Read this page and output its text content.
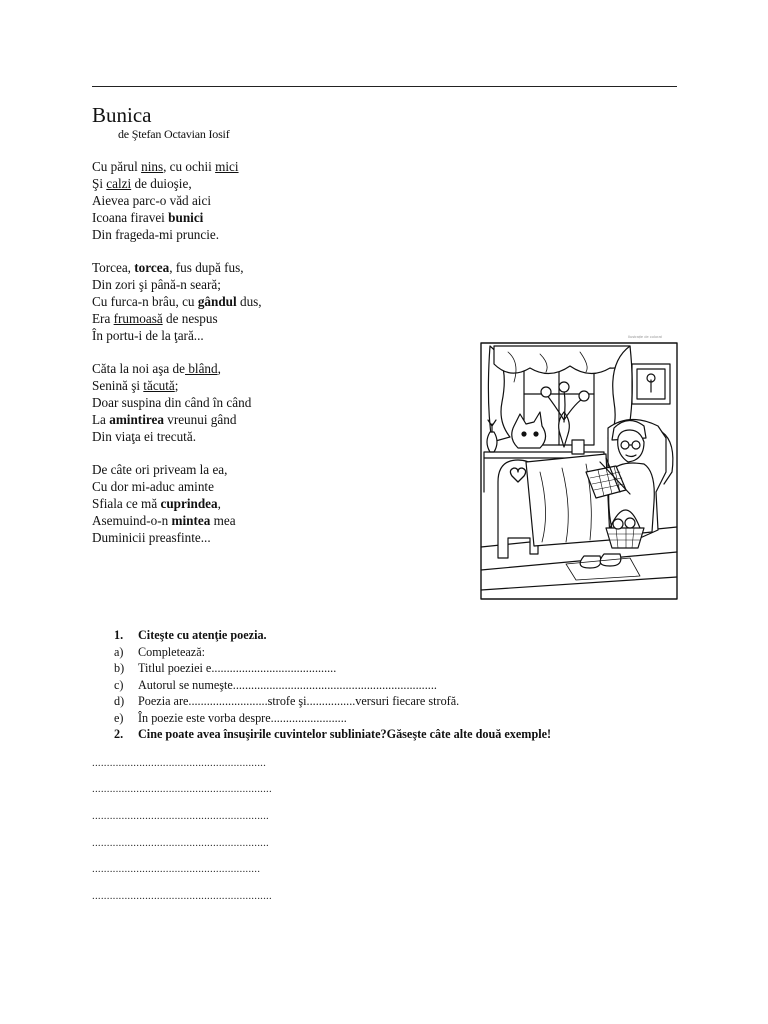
Bunica
de Ştefan Octavian Iosif
Cu părul nins, cu ochii mici
Şi calzi de duioşie,
Aievea parc-o văd aici
Icoana firavei bunici
Din frageda-mi pruncie.
Torcea, torcea, fus după fus,
Din zori şi până-n seară;
Cu furca-n brâu, cu gândul dus,
Era frumoasă de nespus
În portu-i de la ţară...
Căta la noi aşa de blând,
Senină şi tăcută;
Doar suspina din când în când
La amintirea vreunui gând
Din viaţa ei trecută.
De câte ori priveam la ea,
Cu dor mi-aduc aminte
Sfiala ce mă cuprindea,
Asemuind-o-n mintea mea
Duminicii preasfinte...
Ilustrație de colorat
1. Citeşte cu atenţie poezia.
a) Completează:
b) Titlul poeziei e.........................................
c) Autorul se numeşte...................................................................
d) Poezia are..........................strofe şi................versuri fiecare strofă.
e) În poezie este vorba despre.........................
2. Cine poate avea însuşirile cuvintelor subliniate?Găseşte câte alte două exemple!
...........................................................
.............................................................
............................................................
............................................................
.........................................................
.............................................................
